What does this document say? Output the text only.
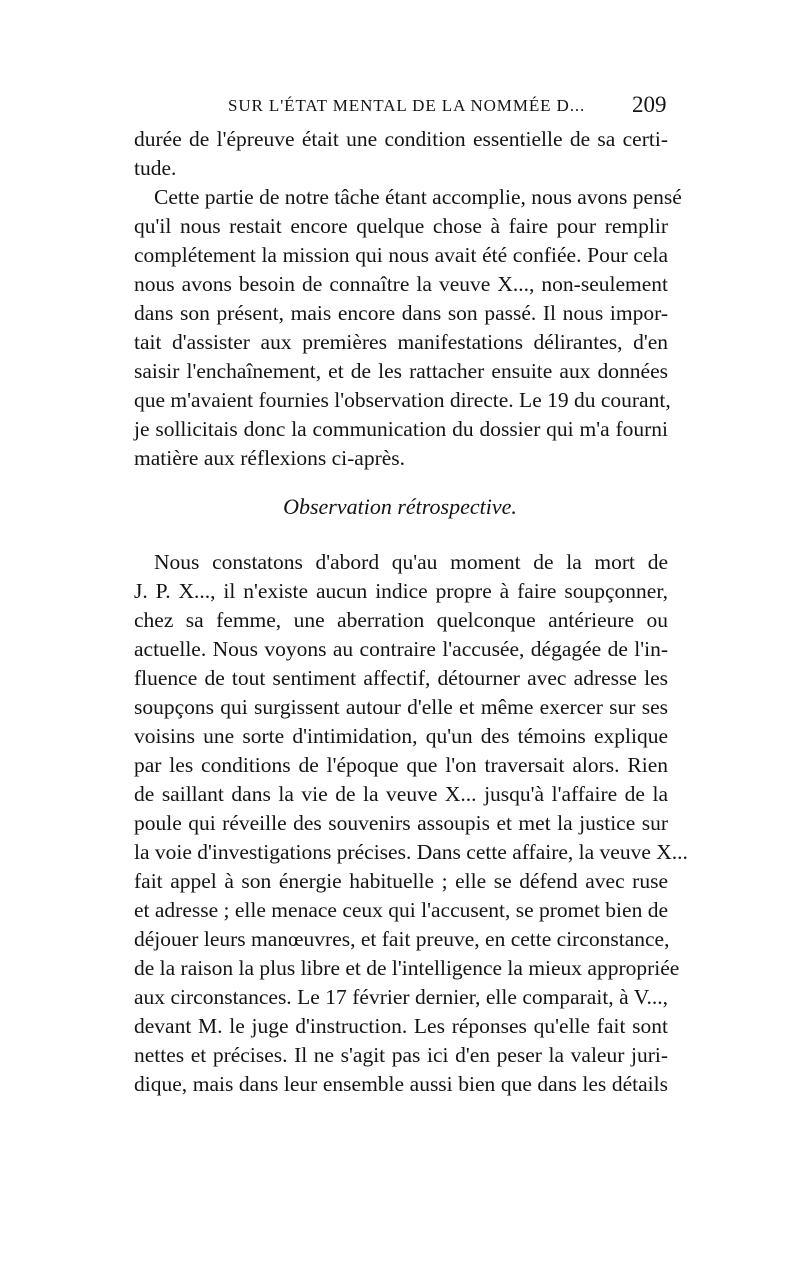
SUR L'ÉTAT MENTAL DE LA NOMMÉE D... 209
durée de l'épreuve était une condition essentielle de sa certi-
tude.
Cette partie de notre tâche étant accomplie, nous avons pensé
qu'il nous restait encore quelque chose à faire pour remplir
complétement la mission qui nous avait été confiée. Pour cela
nous avons besoin de connaître la veuve X..., non-seulement
dans son présent, mais encore dans son passé. Il nous impor-
tait d'assister aux premières manifestations délirantes, d'en
saisir l'enchaînement, et de les rattacher ensuite aux données
que m'avaient fournies l'observation directe. Le 19 du courant,
je sollicitais donc la communication du dossier qui m'a fourni
matière aux réflexions ci-après.
Observation rétrospective.
Nous constatons d'abord qu'au moment de la mort de
J. P. X..., il n'existe aucun indice propre à faire soupçonner,
chez sa femme, une aberration quelconque antérieure ou
actuelle. Nous voyons au contraire l'accusée, dégagée de l'in-
fluence de tout sentiment affectif, détourner avec adresse les
soupçons qui surgissent autour d'elle et même exercer sur ses
voisins une sorte d'intimidation, qu'un des témoins explique
par les conditions de l'époque que l'on traversait alors. Rien
de saillant dans la vie de la veuve X... jusqu'à l'affaire de la
poule qui réveille des souvenirs assoupis et met la justice sur
la voie d'investigations précises. Dans cette affaire, la veuve X...
fait appel à son énergie habituelle ; elle se défend avec ruse
et adresse ; elle menace ceux qui l'accusent, se promet bien de
déjouer leurs manœuvres, et fait preuve, en cette circonstance,
de la raison la plus libre et de l'intelligence la mieux appropriée
aux circonstances. Le 17 février dernier, elle comparait, à V...,
devant M. le juge d'instruction. Les réponses qu'elle fait sont
nettes et précises. Il ne s'agit pas ici d'en peser la valeur juri-
dique, mais dans leur ensemble aussi bien que dans les détails
